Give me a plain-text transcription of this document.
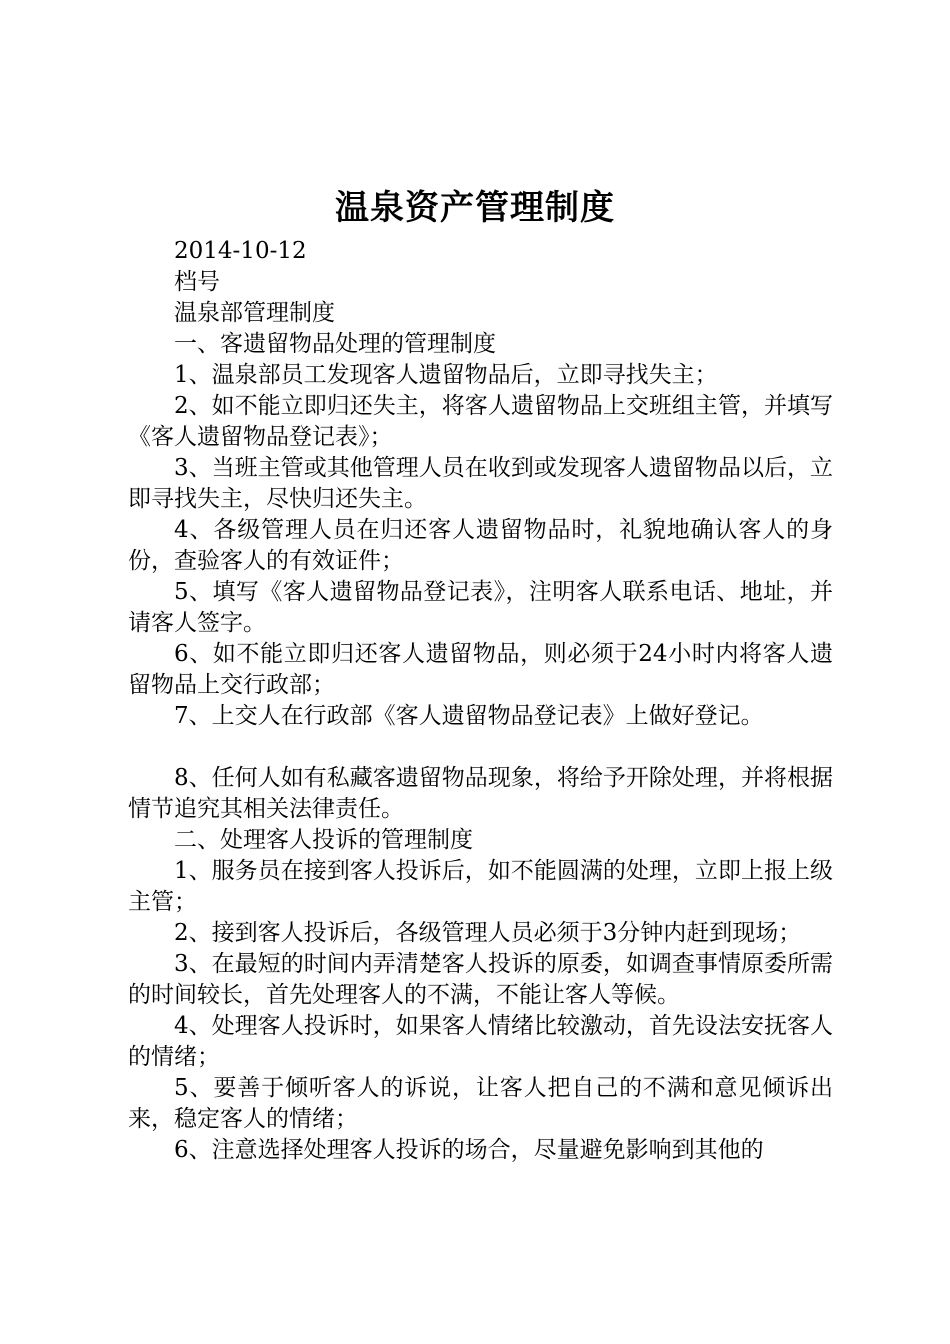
温泉资产管理制度

2014-10-12

档号

温泉部管理制度

一、客遗留物品处理的管理制度

1、温泉部员工发现客人遗留物品后，立即寻找失主；

2、如不能立即归还失主，将客人遗留物品上交班组主管，并填写《客人遗留物品登记表》；

3、当班主管或其他管理人员在收到或发现客人遗留物品以后，立即寻找失主，尽快归还失主。

4、各级管理人员在归还客人遗留物品时，礼貌地确认客人的身份，查验客人的有效证件；

5、填写《客人遗留物品登记表》，注明客人联系电话、地址，并请客人签字。

6、如不能立即归还客人遗留物品，则必须于24小时内将客人遗留物品上交行政部；

7、上交人在行政部《客人遗留物品登记表》上做好登记。

8、任何人如有私藏客遗留物品现象，将给予开除处理，并将根据情节追究其相关法律责任。

二、处理客人投诉的管理制度

1、服务员在接到客人投诉后，如不能圆满的处理，立即上报上级主管；

2、接到客人投诉后，各级管理人员必须于3分钟内赶到现场；

3、在最短的时间内弄清楚客人投诉的原委，如调查事情原委所需的时间较长，首先处理客人的不满，不能让客人等候。

4、处理客人投诉时，如果客人情绪比较激动，首先设法安抚客人的情绪；

5、要善于倾听客人的诉说，让客人把自己的不满和意见倾诉出来，稳定客人的情绪；

6、注意选择处理客人投诉的场合，尽量避免影响到其他的
